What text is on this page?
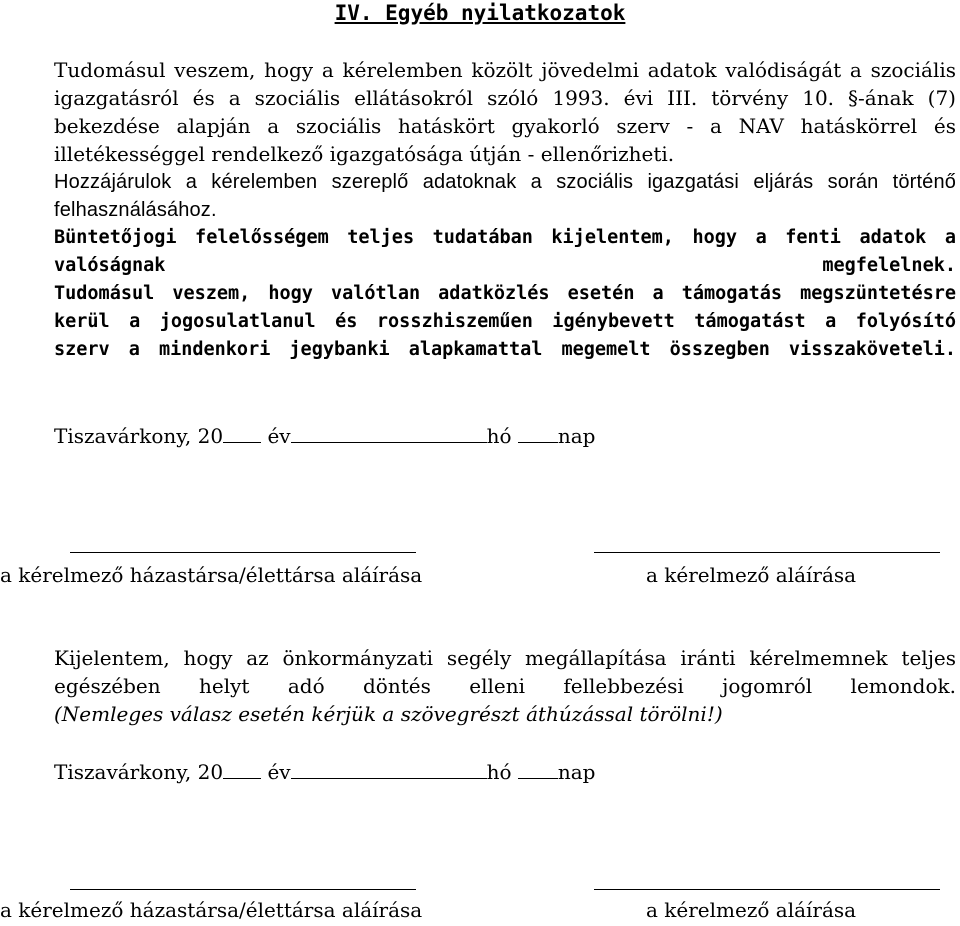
IV. Egyéb nyilatkozatok
Tudomásul veszem, hogy a kérelemben közölt jövedelmi adatok valódiságát a szociális igazgatásról és a szociális ellátásokról szóló 1993. évi III. törvény 10. §-ának (7) bekezdése alapján a szociális hatáskört gyakorló szerv - a NAV hatáskörrel és illetékességgel rendelkező igazgatósága útján - ellenőrizheti.
Hozzájárulok a kérelemben szereplő adatoknak a szociális igazgatási eljárás során történő felhasználásához.
Büntetőjogi felelősségem teljes tudatában kijelentem, hogy a fenti adatok a valóságnak megfelelnek.
Tudomásul veszem, hogy valótlan adatközlés esetén a támogatás megszüntetésre kerül a jogosulatlanul és rosszhiszeműen igénybevett támogatást a folyósító szerv a mindenkori jegybanki alapkamattal megemelt összegben visszaköveteli.
Tiszavárkony, 20 év	hó nap
a kérelmező házastársa/élettársa aláírása	a kérelmező aláírása
Kijelentem, hogy az önkormányzati segély megállapítása iránti kérelmemnek teljes egészében helyt adó döntés elleni fellebbezési jogomról lemondok.
(Nemleges válasz esetén kérjük a szövegrészt áthúzással törölni!)
Tiszavárkony, 20 év	hó nap
a kérelmező házastársa/élettársa aláírása	a kérelmező aláírása
